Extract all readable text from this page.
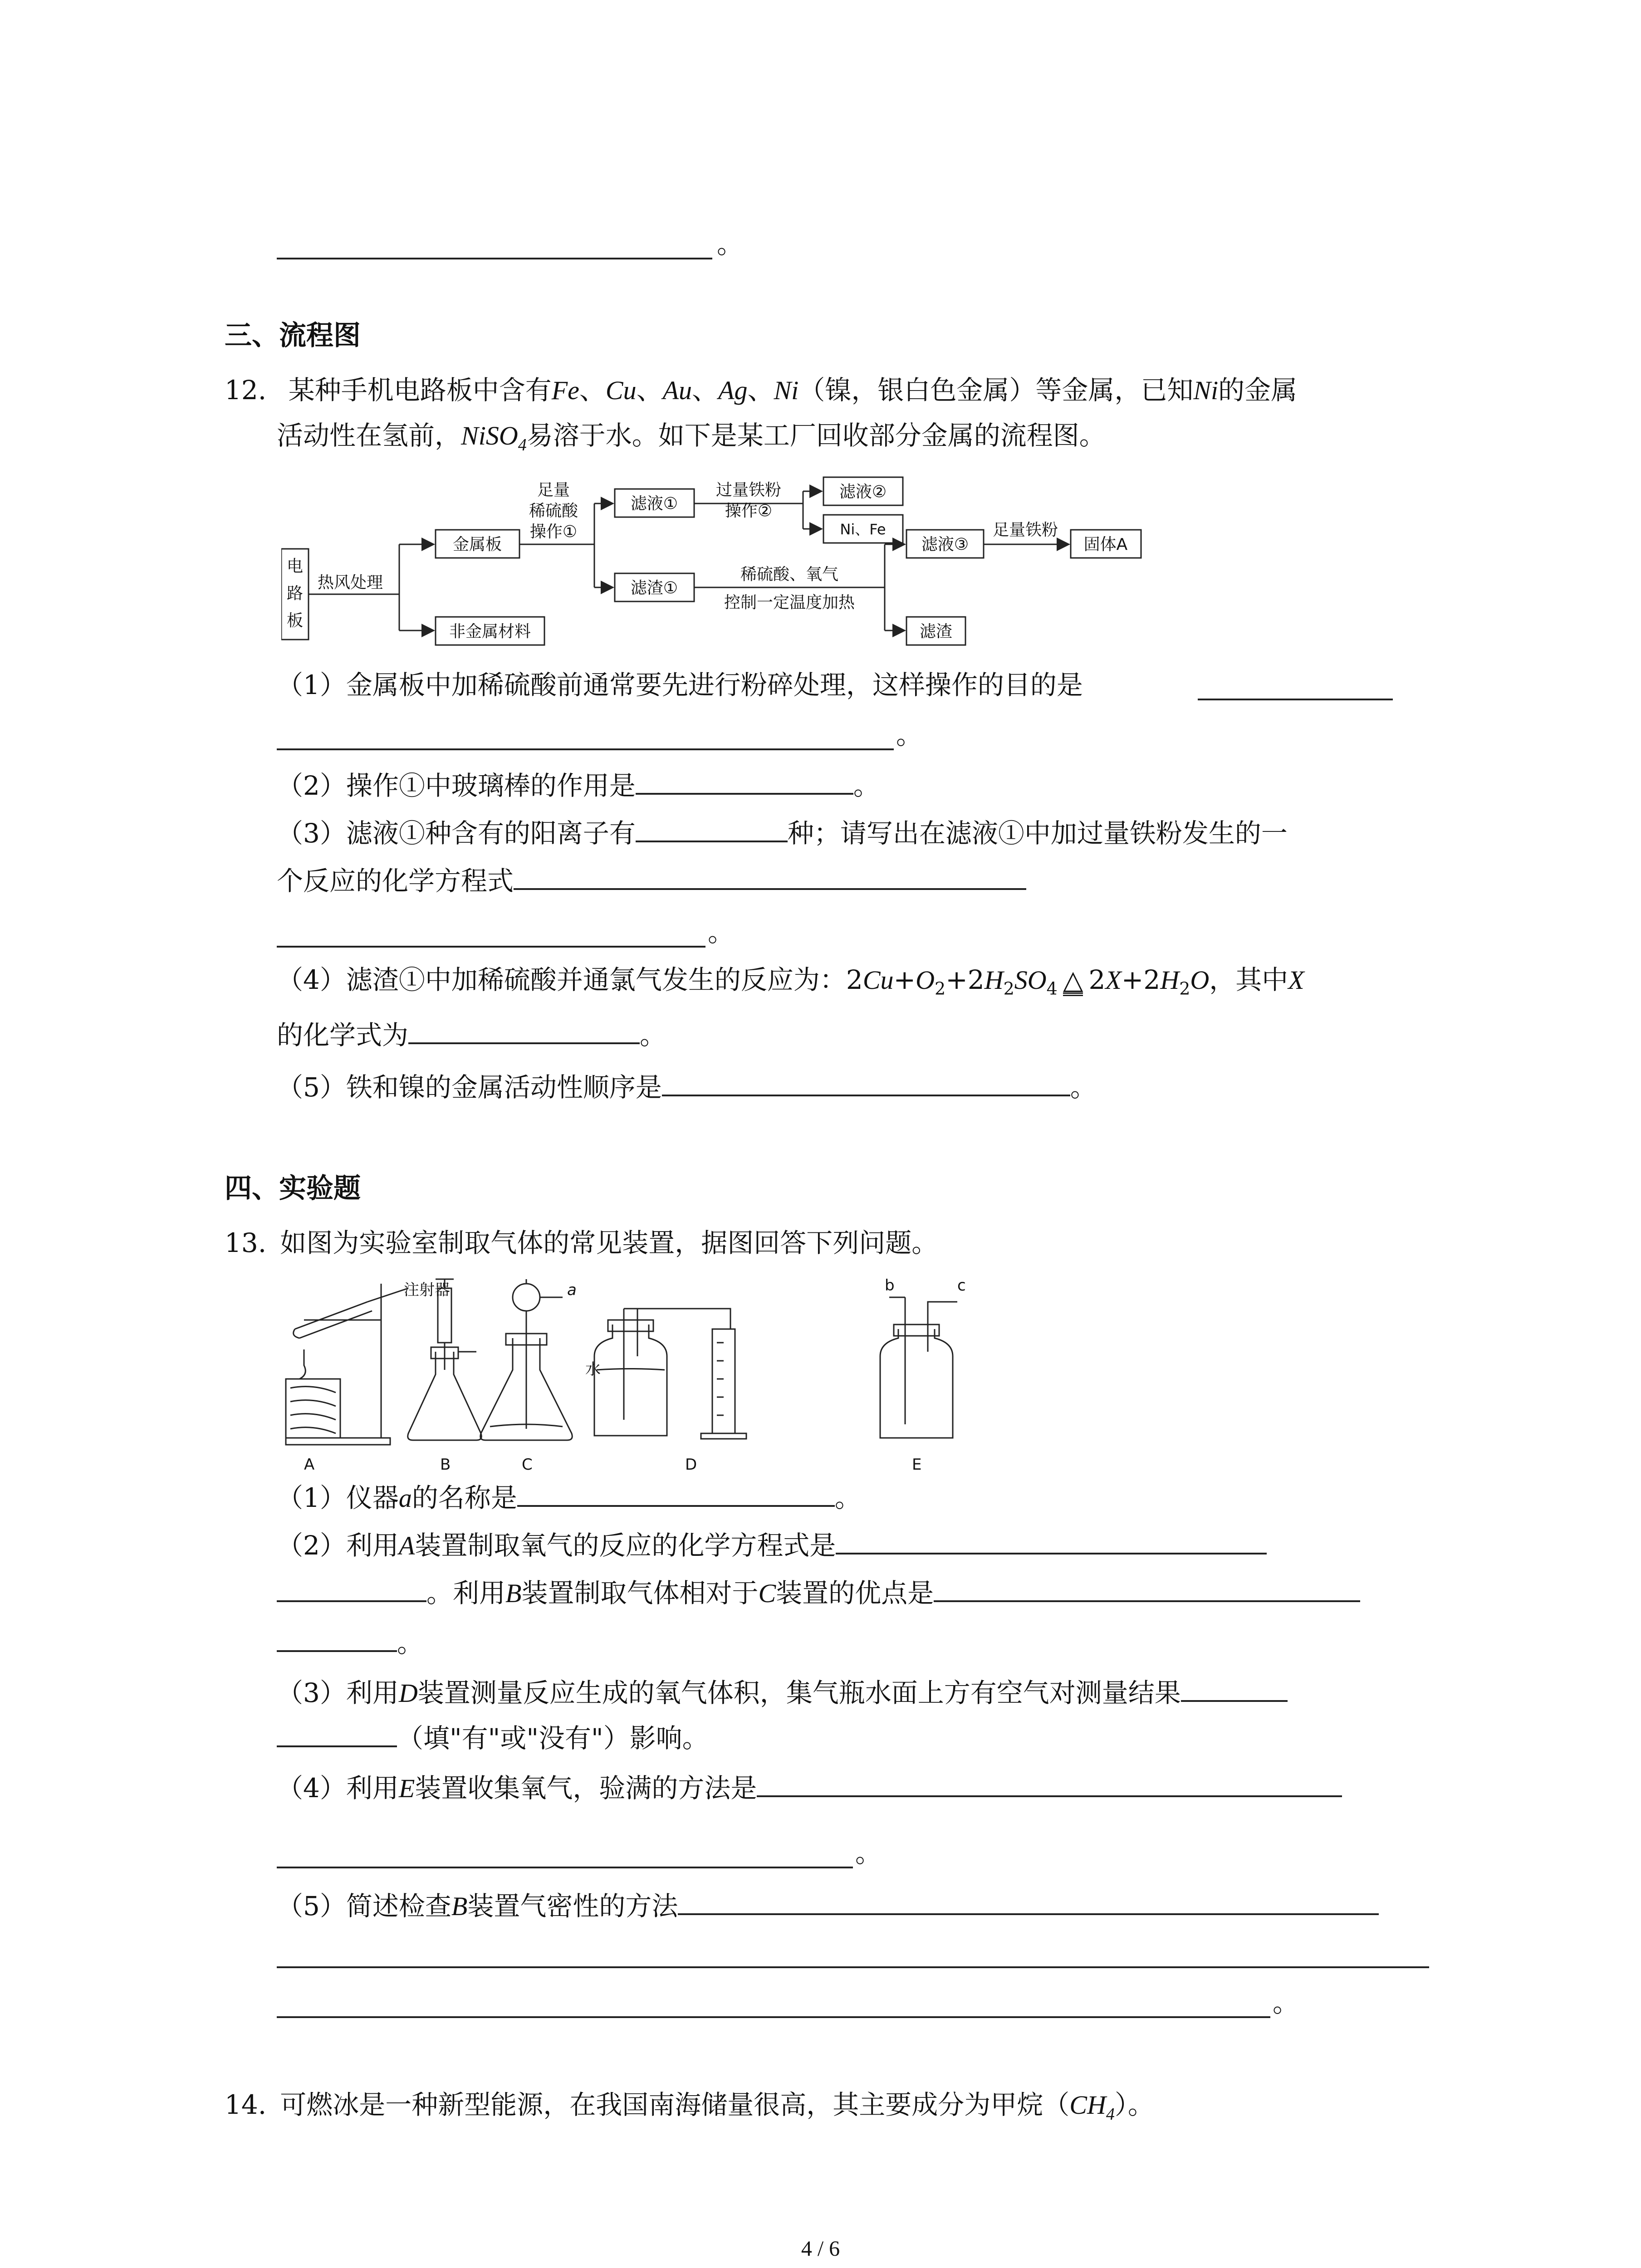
。
三、流程图
12. 某种手机电路板中含有Fe、Cu、Au、Ag、Ni（镍，银白色金属）等金属，已知Ni的金属
活动性在氢前，NiSO$_4$易溶于水。如下是某工厂回收部分金属的流程图。
电
路
板
热风处理
金属板
非金属材料
足量
稀硫酸
操作①
滤液①
滤渣①
过量铁粉
操作②
滤液②
Ni、Fe
稀硫酸、氧气
控制一定温度加热
滤液③
滤渣
足量铁粉
固体A
（1）金属板中加稀硫酸前通常要先进行粉碎处理，这样操作的目的是
。
（2）操作①中玻璃棒的作用是	。
（3）滤液①种含有的阳离子有	种；请写出在滤液①中加过量铁粉发生的一
个反应的化学方程式
。
（4）滤渣①中加稀硫酸并通氯气发生的反应为：$2Cu+O_2+2H_2SO_4$ △ $2X+2H_2O$，其中X
的化学式为	。
（5）铁和镍的金属活动性顺序是	。
四、实验题
13. 如图为实验室制取气体的常见装置，据图回答下列问题。
注射器	a
水
b	c
A	B	C	D	E
（1）仪器a的名称是	。
（2）利用A装置制取氧气的反应的化学方程式是
。利用B装置制取气体相对于C装置的优点是
。
（3）利用D装置测量反应生成的氧气体积，集气瓶水面上方有空气对测量结果
（填"有"或"没有"）影响。
（4）利用E装置收集氧气，验满的方法是
。
（5）简述检查B装置气密性的方法
。
14. 可燃冰是一种新型能源，在我国南海储量很高，其主要成分为甲烷$(CH_4)$。
4 / 6
